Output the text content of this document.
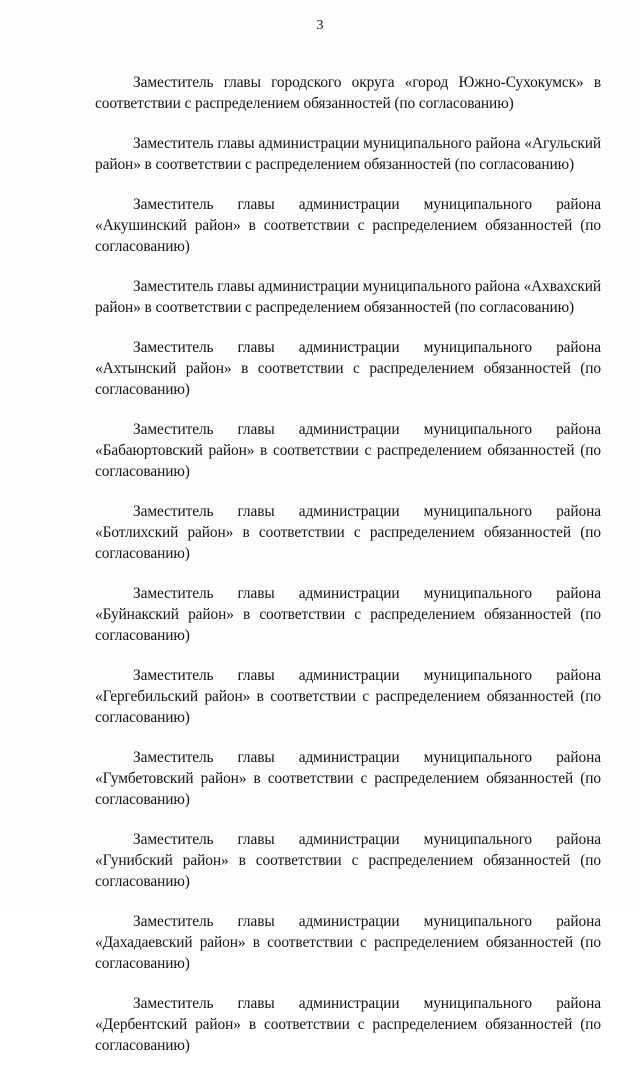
3

Заместитель главы городского округа «город Южно-Сухокумск» в соответствии с распределением обязанностей (по согласованию)

Заместитель главы администрации муниципального района «Агульский район» в соответствии с распределением обязанностей (по согласованию)

Заместитель главы администрации муниципального района «Акушинский район» в соответствии с распределением обязанностей (по согласованию)

Заместитель главы администрации муниципального района «Ахвахский район» в соответствии с распределением обязанностей (по согласованию)

Заместитель главы администрации муниципального района «Ахтынский район» в соответствии с распределением обязанностей (по согласованию)

Заместитель главы администрации муниципального района «Бабаюртовский район» в соответствии с распределением обязанностей (по согласованию)

Заместитель главы администрации муниципального района «Ботлихский район» в соответствии с распределением обязанностей (по согласованию)

Заместитель главы администрации муниципального района «Буйнакский район» в соответствии с распределением обязанностей (по согласованию)

Заместитель главы администрации муниципального района «Гергебильский район» в соответствии с распределением обязанностей (по согласованию)

Заместитель главы администрации муниципального района «Гумбетовский район» в соответствии с распределением обязанностей (по согласованию)

Заместитель главы администрации муниципального района «Гунибский район» в соответствии с распределением обязанностей (по согласованию)

Заместитель главы администрации муниципального района «Дахадаевский район» в соответствии с распределением обязанностей (по согласованию)

Заместитель главы администрации муниципального района «Дербентский район» в соответствии с распределением обязанностей (по согласованию)
